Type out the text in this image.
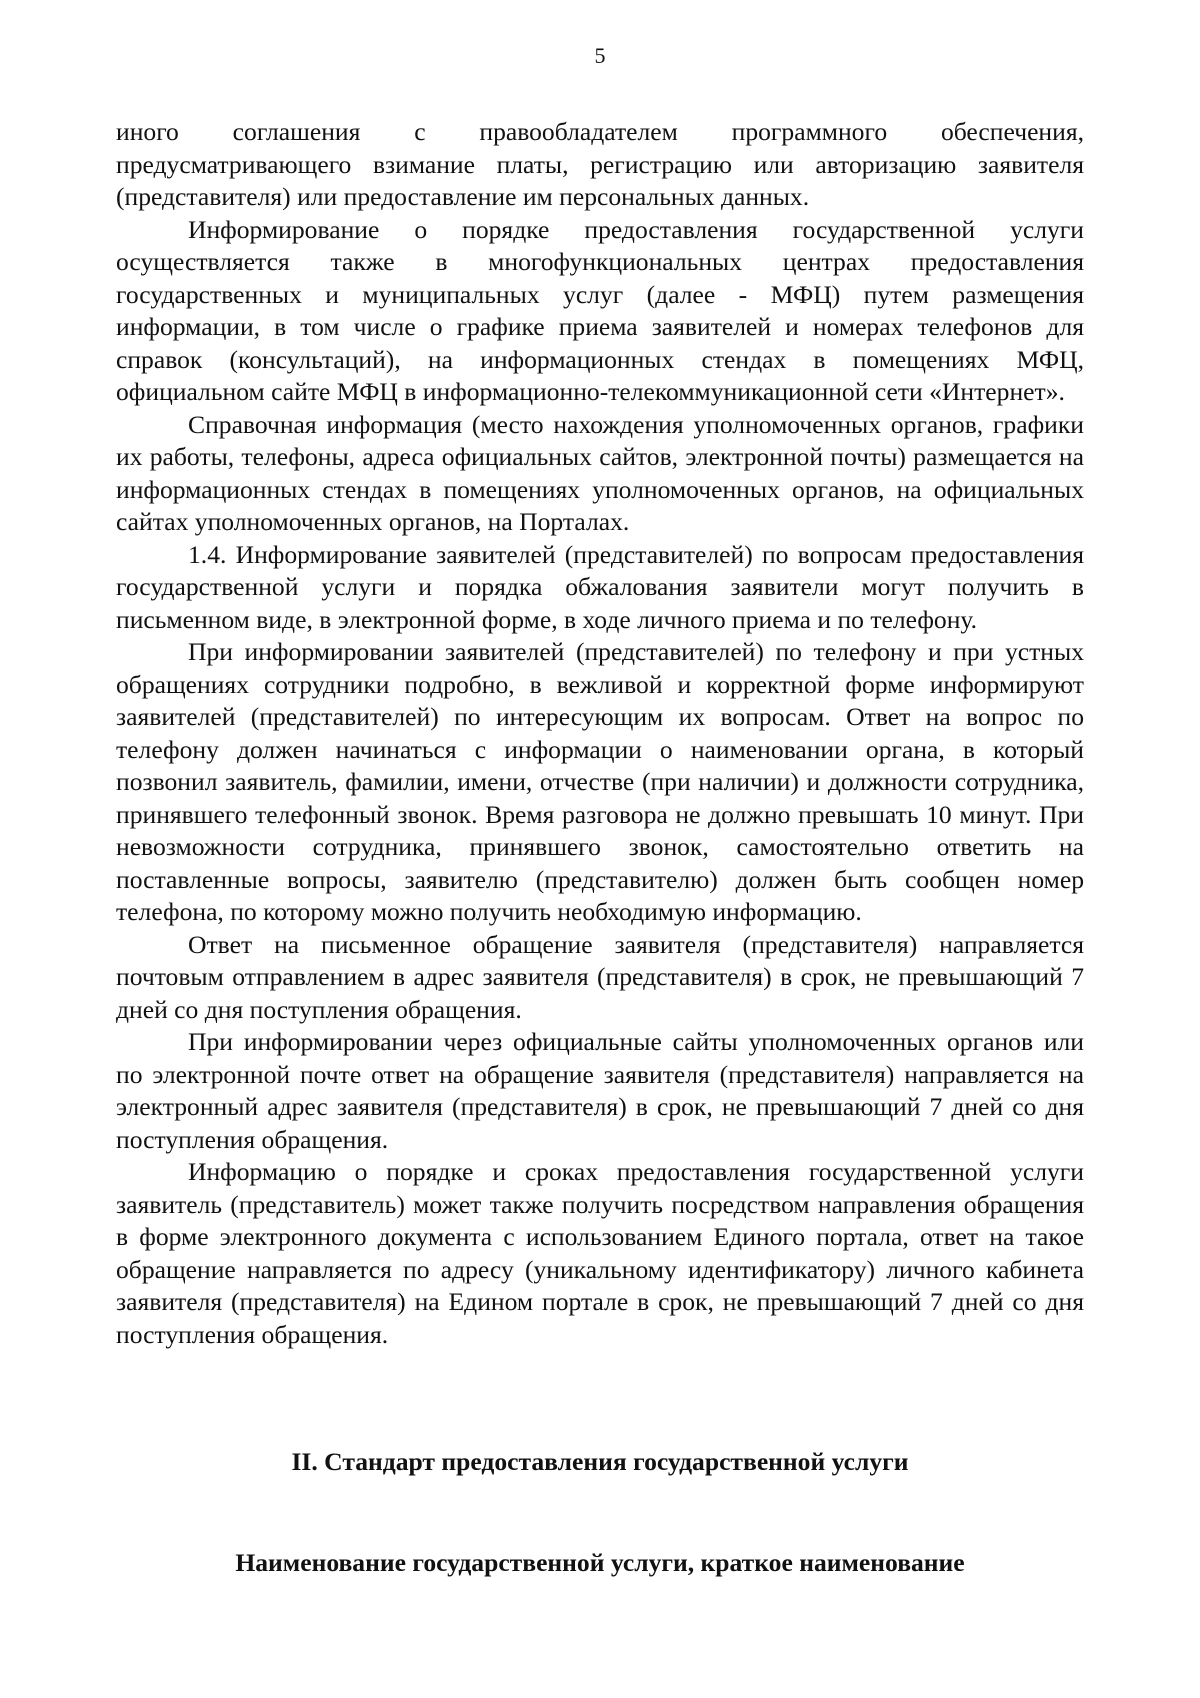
5

иного соглашения с правообладателем программного обеспечения, предусматривающего взимание платы, регистрацию или авторизацию заявителя (представителя) или предоставление им персональных данных.

Информирование о порядке предоставления государственной услуги осуществляется также в многофункциональных центрах предоставления государственных и муниципальных услуг (далее - МФЦ) путем размещения информации, в том числе о графике приема заявителей и номерах телефонов для справок (консультаций), на информационных стендах в помещениях МФЦ, официальном сайте МФЦ в информационно-телекоммуникационной сети «Интернет».

Справочная информация (место нахождения уполномоченных органов, графики их работы, телефоны, адреса официальных сайтов, электронной почты) размещается на информационных стендах в помещениях уполномоченных органов, на официальных сайтах уполномоченных органов, на Порталах.

1.4. Информирование заявителей (представителей) по вопросам предоставления государственной услуги и порядка обжалования заявители могут получить в письменном виде, в электронной форме, в ходе личного приема и по телефону.

При информировании заявителей (представителей) по телефону и при устных обращениях сотрудники подробно, в вежливой и корректной форме информируют заявителей (представителей) по интересующим их вопросам. Ответ на вопрос по телефону должен начинаться с информации о наименовании органа, в который позвонил заявитель, фамилии, имени, отчестве (при наличии) и должности сотрудника, принявшего телефонный звонок. Время разговора не должно превышать 10 минут. При невозможности сотрудника, принявшего звонок, самостоятельно ответить на поставленные вопросы, заявителю (представителю) должен быть сообщен номер телефона, по которому можно получить необходимую информацию.

Ответ на письменное обращение заявителя (представителя) направляется почтовым отправлением в адрес заявителя (представителя) в срок, не превышающий 7 дней со дня поступления обращения.

При информировании через официальные сайты уполномоченных органов или по электронной почте ответ на обращение заявителя (представителя) направляется на электронный адрес заявителя (представителя) в срок, не превышающий 7 дней со дня поступления обращения.

Информацию о порядке и сроках предоставления государственной услуги заявитель (представитель) может также получить посредством направления обращения в форме электронного документа с использованием Единого портала, ответ на такое обращение направляется по адресу (уникальному идентификатору) личного кабинета заявителя (представителя) на Едином портале в срок, не превышающий 7 дней со дня поступления обращения.

II. Стандарт предоставления государственной услуги
Наименование государственной услуги, краткое наименование
